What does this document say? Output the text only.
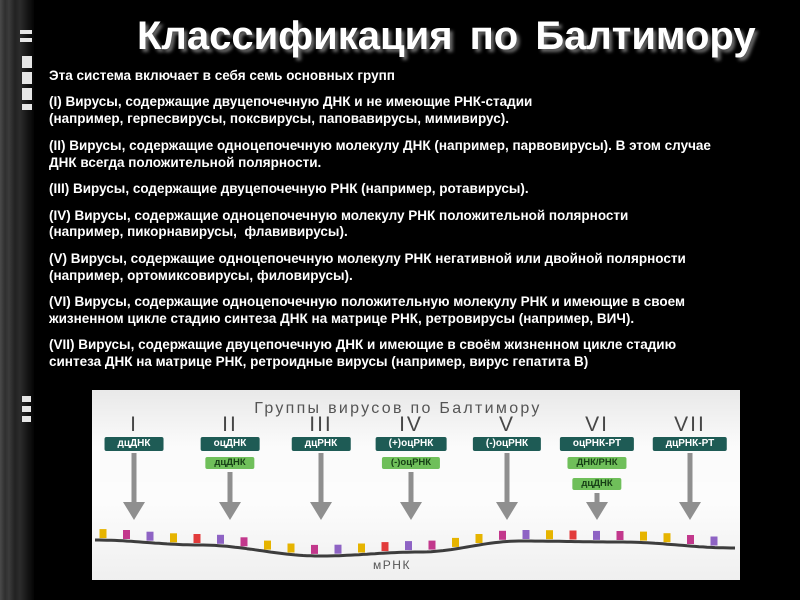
Классификация по Балтимору
Эта система включает в себя семь основных групп
(I) Вирусы, содержащие двуцепочечную ДНК и не имеющие РНК-стадии
(например, герпесвирусы, поксвирусы, паповавирусы, мимивирус).
(II) Вирусы, содержащие одноцепочечную молекулу ДНК (например, парвовирусы). В этом случае
ДНК всегда положительной полярности.
(III) Вирусы, содержащие двуцепочечную РНК (например, ротавирусы).
(IV) Вирусы, содержащие одноцепочечную молекулу РНК положительной полярности
(например, пикорнавирусы,  флавивирусы).
(V) Вирусы, содержащие одноцепочечную молекулу РНК негативной или двойной полярности
(например, ортомиксовирусы, филовирусы).
(VI) Вирусы, содержащие одноцепочечную положительную молекулу РНК и имеющие в своем
жизненном цикле стадию синтеза ДНК на матрице РНК, ретровирусы (например, ВИЧ).
(VII) Вирусы, содержащие двуцепочечную ДНК и имеющие в своём жизненном цикле стадию
синтеза ДНК на матрице РНК, ретроидные вирусы (например, вирус гепатита В)
Группы вирусов по Балтимору
I
дцДНК
II
оцДНК
дцДНК
III
дцРНК
IV
(+)оцРНК
(-)оцРНК
V
(-)оцРНК
VI
оцРНК-РТ
ДНК/РНК
дцДНК
VII
дцРНК-РТ
мРНК
